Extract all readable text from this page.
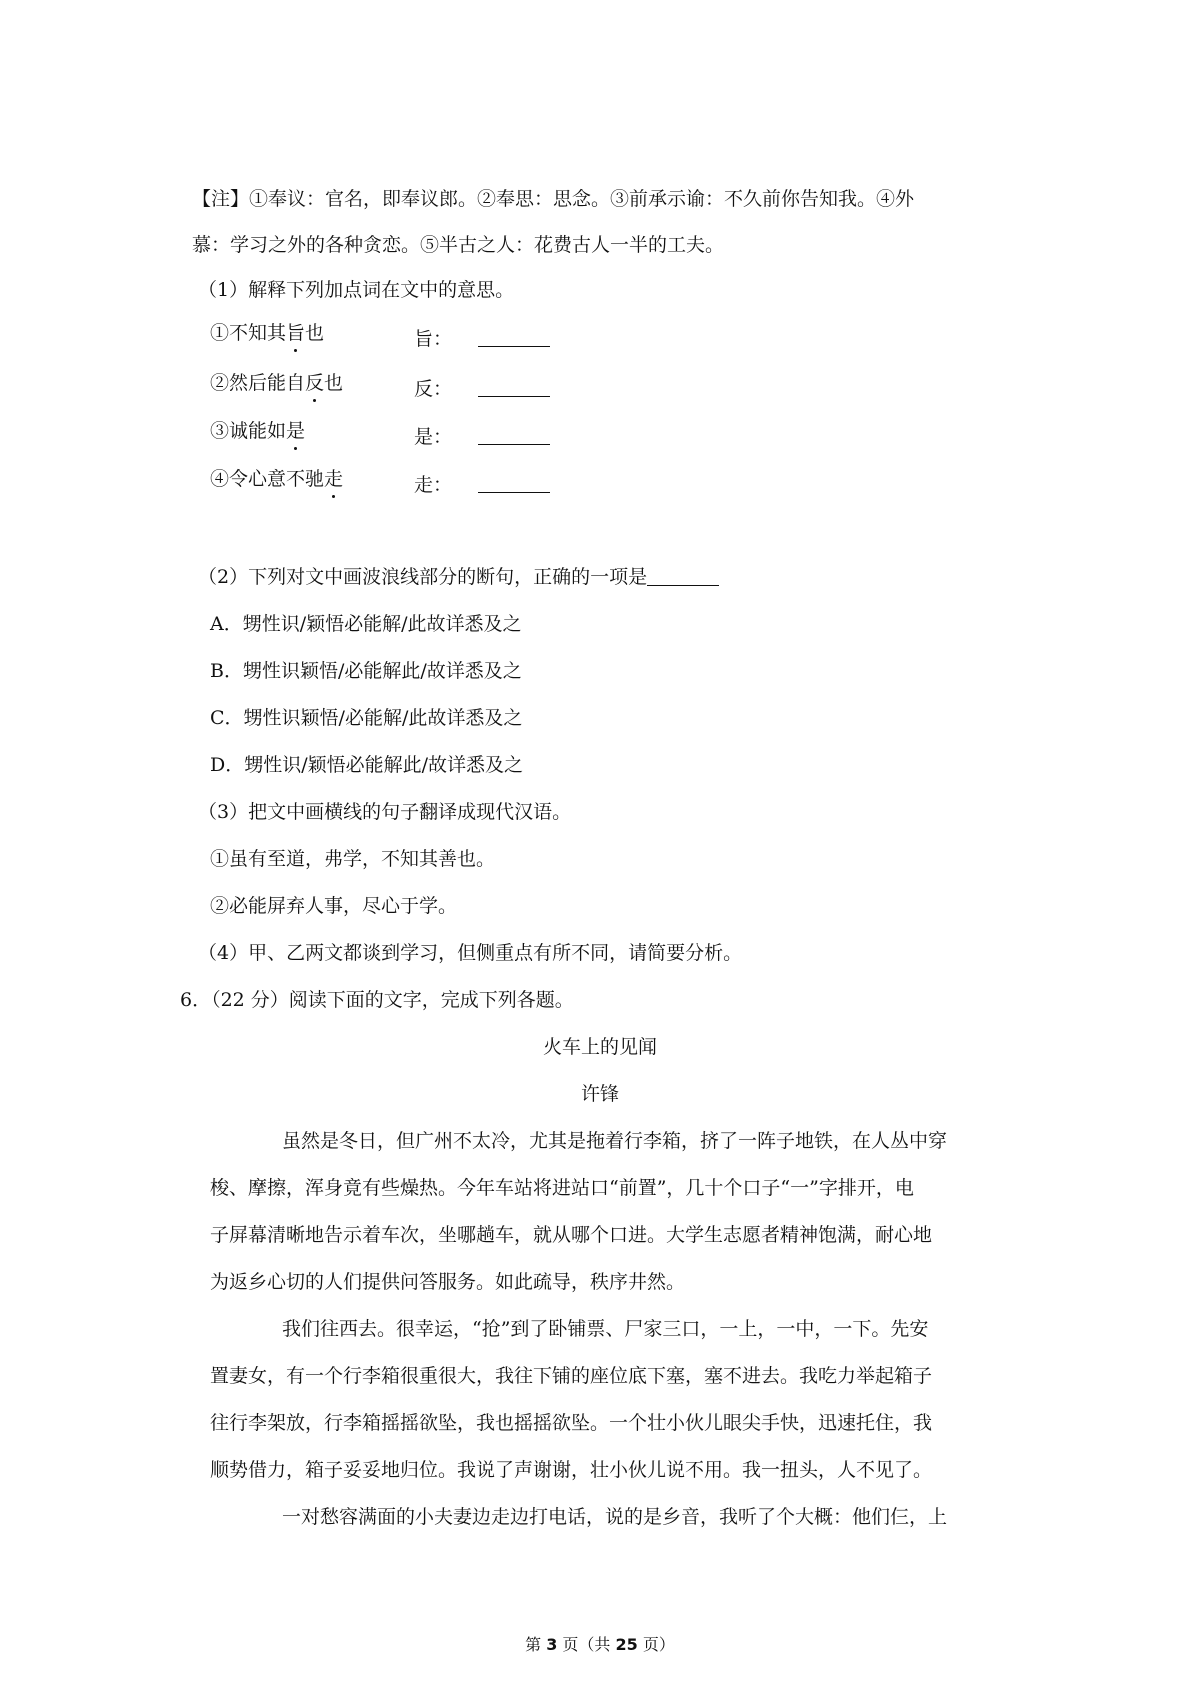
【注】①奉议：官名，即奉议郎。②奉思：思念。③前承示谕：不久前你告知我。④外
慕：学习之外的各种贪恋。⑤半古之人：花费古人一半的工夫。
（1）解释下列加点词在文中的意思。
①不知其旨也	旨：
②然后能自反也	反：
③诚能如是	是：
④令心意不驰走	走：
（2）下列对文中画波浪线部分的断句，正确的一项是
A．甥性识/颖悟必能解/此故详悉及之
B．甥性识颖悟/必能解此/故详悉及之
C．甥性识颖悟/必能解/此故详悉及之
D．甥性识/颖悟必能解此/故详悉及之
（3）把文中画横线的句子翻译成现代汉语。
①虽有至道，弗学，不知其善也。
②必能屏弃人事，尽心于学。
（4）甲、乙两文都谈到学习，但侧重点有所不同，请简要分析。
6．（22 分）阅读下面的文字，完成下列各题。
火车上的见闻
许锋
虽然是冬日，但广州不太冷，尤其是拖着行李箱，挤了一阵子地铁，在人丛中穿
梭、摩擦，浑身竟有些燥热。今年车站将进站口“前置”，几十个口子“一”字排开，电
子屏幕清晰地告示着车次，坐哪趟车，就从哪个口进。大学生志愿者精神饱满，耐心地
为返乡心切的人们提供问答服务。如此疏导，秩序井然。
我们往西去。很幸运，“抢”到了卧铺票、尸家三口，一上，一中，一下。先安
置妻女，有一个行李箱很重很大，我往下铺的座位底下塞，塞不进去。我吃力举起箱子
往行李架放，行李箱摇摇欲坠，我也摇摇欲坠。一个壮小伙儿眼尖手快，迅速托住，我
顺势借力，箱子妥妥地归位。我说了声谢谢，壮小伙儿说不用。我一扭头，人不见了。
一对愁容满面的小夫妻边走边打电话，说的是乡音，我听了个大概：他们仨，上
第 3 页（共 25 页）
